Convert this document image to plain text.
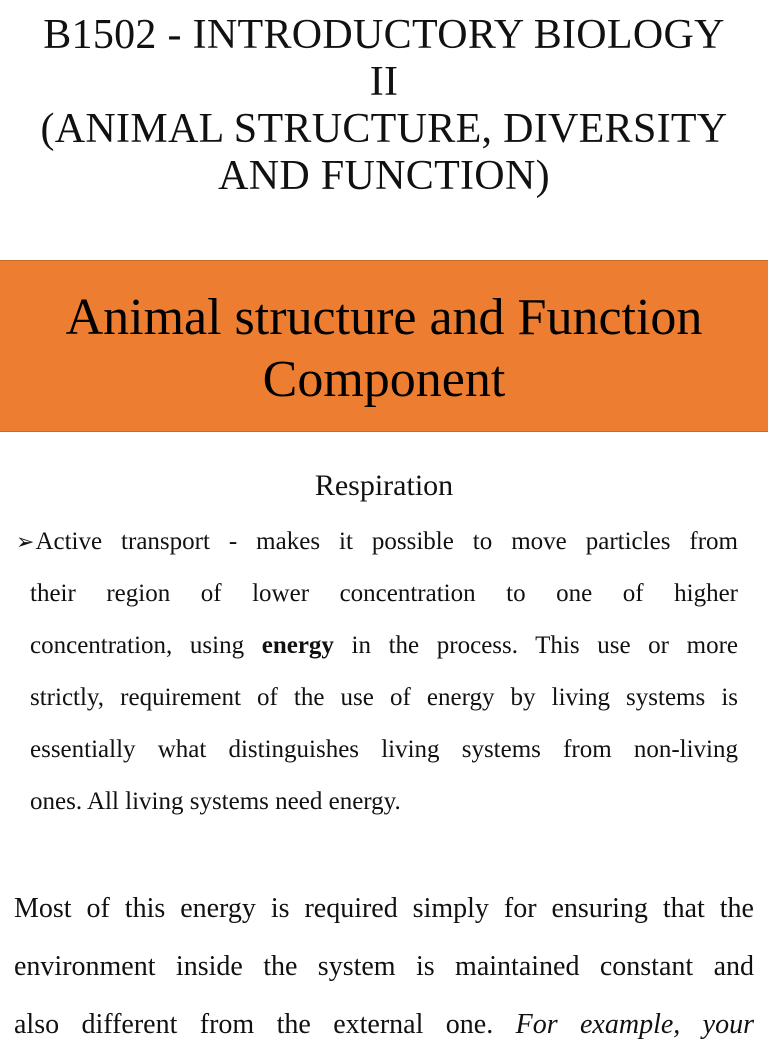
B1502 - INTRODUCTORY BIOLOGY
II
(ANIMAL STRUCTURE, DIVERSITY
AND FUNCTION)
Animal structure and Function
Component
Respiration
➢Active transport - makes it possible to move particles from
their region of lower concentration to one of higher
concentration, using energy in the process. This use or more
strictly, requirement of the use of energy by living systems is
essentially what distinguishes living systems from non-living
ones. All living systems need energy.
Most of this energy is required simply for ensuring that the
environment inside the system is maintained constant and
also different from the external one. For example, your
